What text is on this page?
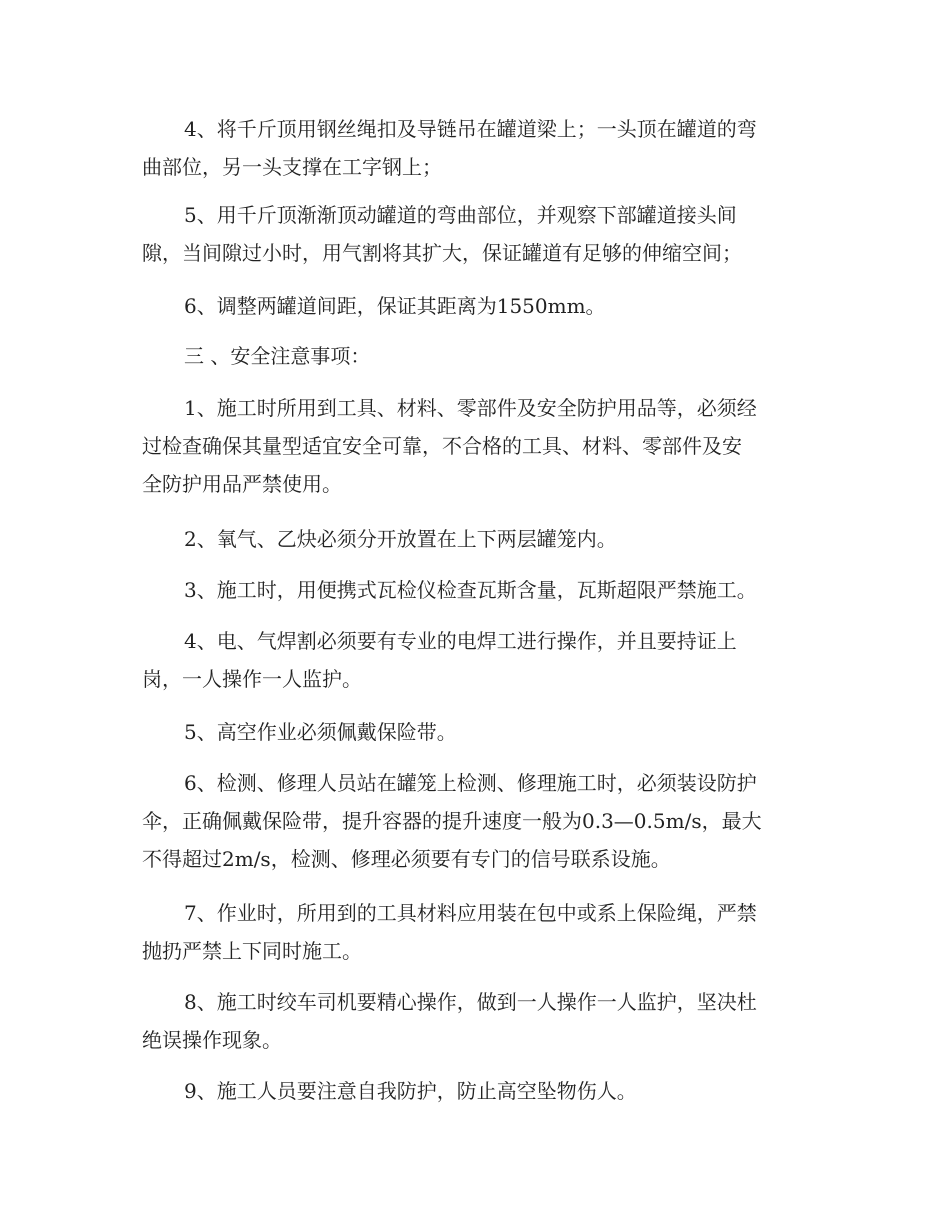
4、将千斤顶用钢丝绳扣及导链吊在罐道梁上；一头顶在罐道的弯
曲部位，另一头支撑在工字钢上；

5、用千斤顶渐渐顶动罐道的弯曲部位，并观察下部罐道接头间
隙，当间隙过小时，用气割将其扩大，保证罐道有足够的伸缩空间；

6、调整两罐道间距，保证其距离为1550mm。

三 、安全注意事项：

1、施工时所用到工具、材料、零部件及安全防护用品等，必须经
过检查确保其量型适宜安全可靠，不合格的工具、材料、零部件及安
全防护用品严禁使用。

2、氧气、乙炔必须分开放置在上下两层罐笼内。

3、施工时，用便携式瓦检仪检查瓦斯含量，瓦斯超限严禁施工。

4、电、气焊割必须要有专业的电焊工进行操作，并且要持证上
岗，一人操作一人监护。

5、高空作业必须佩戴保险带。

6、检测、修理人员站在罐笼上检测、修理施工时，必须装设防护
伞，正确佩戴保险带，提升容器的提升速度一般为0.3—0.5m/s，最大
不得超过2m/s，检测、修理必须要有专门的信号联系设施。

7、作业时，所用到的工具材料应用装在包中或系上保险绳，严禁
抛扔严禁上下同时施工。

8、施工时绞车司机要精心操作，做到一人操作一人监护，坚决杜
绝误操作现象。

9、施工人员要注意自我防护，防止高空坠物伤人。
